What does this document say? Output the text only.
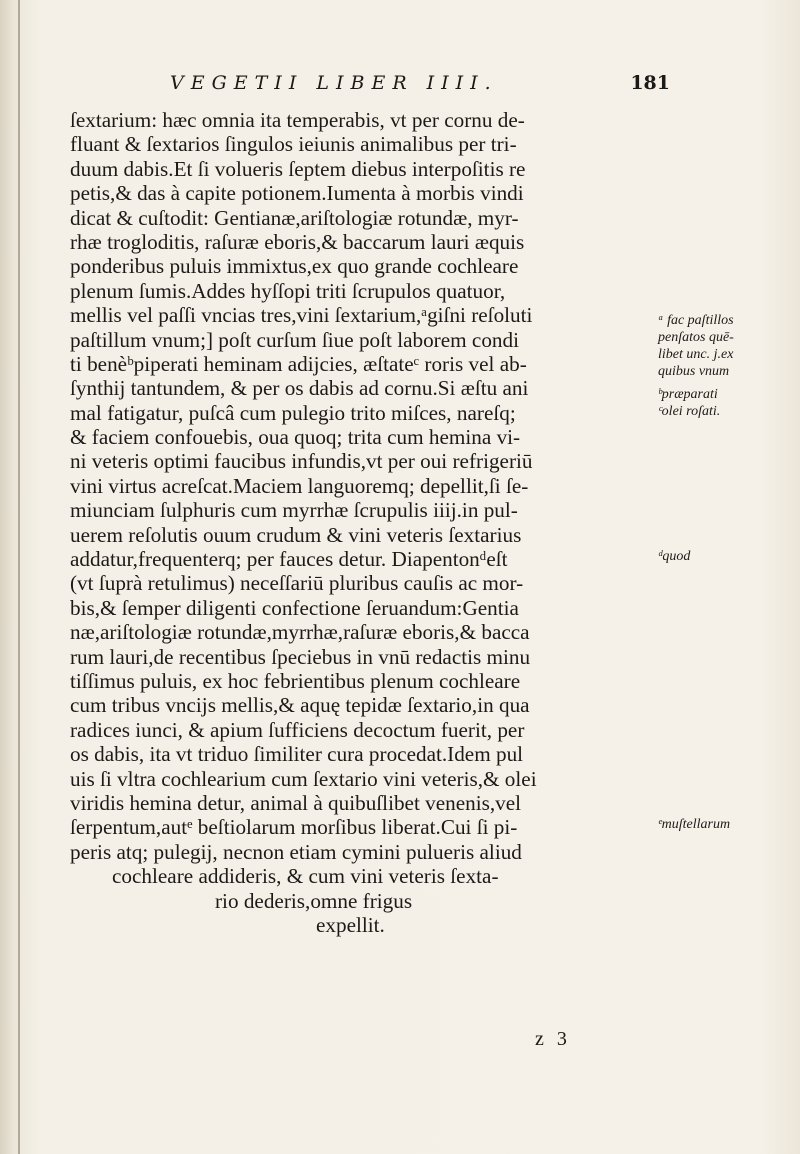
VEGETII LIBER IIII.	181
ſextarium: hæc omnia ita temperabis, vt per cornu de-
fluant & ſextarios ſingulos ieiunis animalibus per tri-
duum dabis.Et ſi volueris ſeptem diebus interpoſitis re
petis,& das à capite potionem.Iumenta à morbis vindi
dicat & cuſtodit: Gentianæ,ariſtologiæ rotundæ, myr-
rhæ trogloditis, raſuræ eboris,& baccarum lauri æquis
ponderibus puluis immixtus,ex quo grande cochleare
plenum ſumis.Addes hyſſopi triti ſcrupulos quatuor,
mellis vel paſſi vncias tres,vini ſextarium,ᵃgiſni reſoluti
paſtillum vnum;] poſt curſum ſiue poſt laborem condi
ti benèᵇpiperati heminam adijcies, æſtateᶜ roris vel ab-
ſynthij tantundem, & per os dabis ad cornu.Si æſtu ani
mal fatigatur, puſcâ cum pulegio trito miſces, nareſq;
& faciem confouebis, oua quoq; trita cum hemina vi-
ni veteris optimi faucibus infundis,vt per oui refrigeriū
vini virtus acreſcat.Maciem languoremq; depellit,ſi ſe-
miunciam ſulphuris cum myrrhæ ſcrupulis iiij.in pul-
uerem reſolutis ouum crudum & vini veteris ſextarius
addatur,frequenterq; per fauces detur. Diapentonᵈeſt
(vt ſuprà retulimus) neceſſariū pluribus cauſis ac mor-
bis,& ſemper diligenti confectione ſeruandum:Gentia
næ,ariſtologiæ rotundæ,myrrhæ,raſuræ eboris,& bacca
rum lauri,de recentibus ſpeciebus in vnū redactis minu
tiſſimus puluis, ex hoc febrientibus plenum cochleare
cum tribus vncijs mellis,& aquę tepidæ ſextario,in qua
radices iunci, & apium ſufficiens decoctum fuerit, per
os dabis, ita vt triduo ſimiliter cura procedat.Idem pul
uis ſi vltra cochlearium cum ſextario vini veteris,& olei
viridis hemina detur, animal à quibuſlibet venenis,vel
ſerpentum,autᵉ beſtiolarum morſibus liberat.Cui ſi pi-
peris atq; pulegij, necnon etiam cymini pulueris aliud
cochleare addideris, & cum vini veteris ſexta-
rio dederis,omne frigus
expellit.
ᵃ fac paſtillos
penſatos quē-
libet unc. j.ex
quibus vnum
ᵇpræparati
ᶜolei roſati.
ᵈquod
ᵉmuſtellarum
z 3
